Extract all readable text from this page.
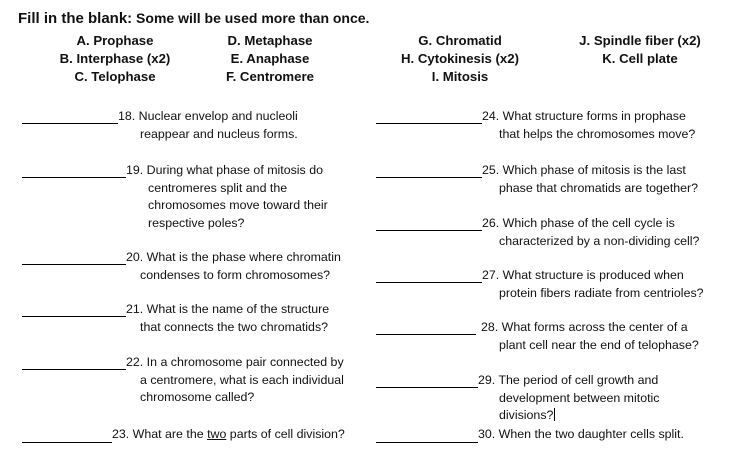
Fill in the blank: Some will be used more than once.
A. Prophase
B. Interphase (x2)
C. Telophase
D. Metaphase
E. Anaphase
F. Centromere
G. Chromatid
H. Cytokinesis (x2)
I. Mitosis
J. Spindle fiber (x2)
K. Cell plate
18. Nuclear envelop and nucleoli
reappear and nucleus forms.
19. During what phase of mitosis do
centromeres split and the
chromosomes move toward their
respective poles?
20. What is the phase where chromatin
condenses to form chromosomes?
21. What is the name of the structure
that connects the two chromatids?
22. In a chromosome pair connected by
a centromere, what is each individual
chromosome called?
23. What are the two parts of cell division?
24. What structure forms in prophase
that helps the chromosomes move?
25. Which phase of mitosis is the last
phase that chromatids are together?
26. Which phase of the cell cycle is
characterized by a non-dividing cell?
27. What structure is produced when
protein fibers radiate from centrioles?
28. What forms across the center of a
plant cell near the end of telophase?
29. The period of cell growth and
development between mitotic
divisions?
30. When the two daughter cells split.
